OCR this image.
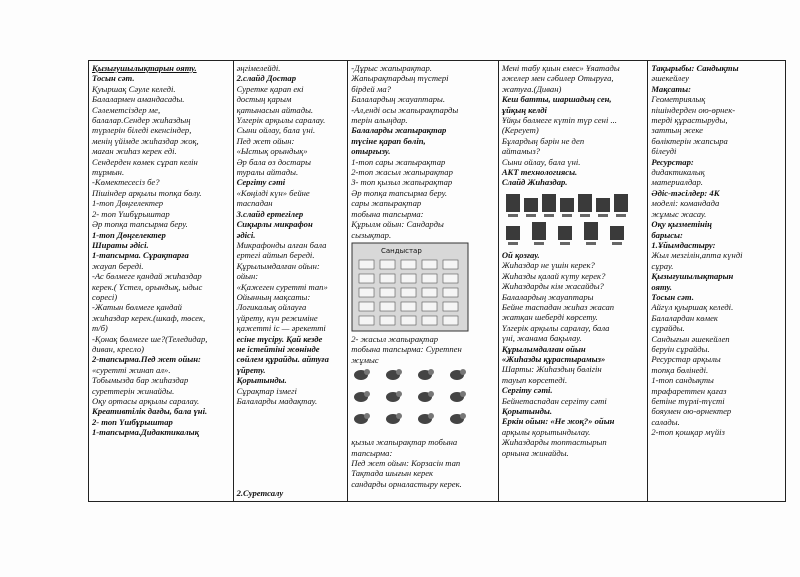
Қызығушылықтарын ояту.
Тосын сәт.
Қуыршақ Сәуле келеді.
Балалармен амандасады.
Сәлеметсіздер ме,
балалар.Сендер жиһаздың
түрлерін біледі екенсіндер,
менің үйімде жиһаздар жоқ,
маған жиһаз керек еді.
Сендерден көмек сұрап келін
тұрмын.
-Көмектесесіз бе?
Пішіндер арқылы топқа бөлу.
1-топ Дөңгелектер
2- топ Үшбұрыштар
Әр топқа тапсырма беру.
1-топ Дөңгелектер
Шираты әдісі.
1-тапсырма. Сұрақтарға
жауап береді.
-Ас бөлмеге қандай жиһаздар
керек.( Үстел, орындық, ыдыс
сөресі)
-Жатын бөлмеге қандай
жиһаздар керек.(шкаф, төсек,
т/б)
-Қонақ бөлмеге ше?(Теледидар,
диван, кресло)
2-тапсырма.Пед жет ойын:
«суретті жинап ал».
Тобымызда бар жиһаздар
суреттерін жинайды.
Оқу ортасы арқылы саралау.
Креативтілік дағды, бала үні.
2- топ Үшбұрыштар
1-тапсырма.Дидактикалық
әңгімелейді.
2.слайд Достар
Суретке қарап екі
достың қарым
қатынасын айтады.
Үлгерік арқылы саралау.
Сыни ойлау, бала үні.
Пед жет ойын:
«Ыстық орындық»
Әр бала өз достары
туралы айтады.
Сергіту сәті
«Көңілді күн» бейне
таспадан
3.слайд ертегілер
Сиқырлы микрафон
әдісі.
Микрафонды алған бала
ертегі айтып береді.
Құрылымдалған ойын:
ойын:
«Қажеген суретті тап»
Ойынның мақсаты:
Логикалық ойлауға
үйрету, күн режиміне
қажетті іс — әрекетті
есіне түсіру. Қай кезде
не істейтіні жөнінде
сөйлем құрайды. айтуға
үйрету.
Қорытынды.
Сұрақтар ізмегі
Балаларды мадақтау.
2.Суретсалу
-Дұрыс жапырақтар.
Жапырақтардың түстері
бірдей ма?
Балалардың жауаптары.
-Ал,енді осы жапырақтарды
терін алыңдар.
Балаларды жапырақтар
түсіне қарап бөліп,
отырғызу.
1-топ сары жапырақтар
2-топ жасыл жапырақтар
3- топ қызыл жапырақтар
Әр топқа тапсырма беру.
сары жапырақтар
тобына тапсырма:
Құрылм ойын: Сандарды
сызықтар.
Сандыстар
2- жасыл жапырақтар
тобына тапсырма: Суретпен
жұмыс
қызыл жапырақтар тобына
тапсырма:
Пед жет ойын: Корзасін тап
Тақтада шығын керек
сандарды орналастыру керек.
Мені табу қиын емес» Ұяатады
әжелер мен сәбилер Отыруға,
жатуға.(Диван)
Кеш батты, шаршадың сен,
ұйқың келді
Ұйқы бөлмеге күтіп түр сені ...
(Кереует)
Бұлардың бәрін не деп
айтамыз?
Сыни ойлау, бала үні.
АКТ технологиясы.
Слайд Жиһаздар.
Ой қозғау.
Жиһаздар не үшін керек?
Жиһазды қалай күту керек?
Жиһаздарды кім жасайды?
Балалардың жауаптары
Бейне таспадан жиһаз жасап
жатқан шеберді көрсету.
Үлгерік арқылы саралау, бала
үні, жанама бақылау.
Құрылымдалған ойын
«Жиһазды құрастырамыз»
Шарты: Жиһаздың бөлігін
тауып көрсетеді.
Сергіту сәті.
Бейнетаспадан сергіту сәті
Қорытынды.
Еркін ойын: «Не жоқ?» ойын
арқылы қорытындылау.
Жиһаздарды топтастырып
орнына жинайды.
Тақырыбы: Сандықты
әшекейлеу
Мақсаты:
Геометриялық
пішіндерден ою-өрнек-
терді құрастыруды,
заттың жеке
бөліктерін жапсыра
білеуді
Ресурстар:
дидактикалық
материалдар.
Әдіс-тәсілдер: 4К
моделі: командада
жұмыс жасау.
Оқу қызметінің
барысы:
1.Ұйымдастыру:
Жыл мезгілін,апта күнді
сұрау.
Қызығушылықтарын
ояту.
Тосын сәт.
Айгүл қуыршақ келеді.
Балалардан көмек
сұрайды.
Сандығын әшекейлеп
беруін сұрайды.
Ресурстар арқылы
топқа бөлінеді.
1-топ сандықты
трафареттен қағаз
бетіне түрлі-түсті
бояумен ою-өрнектер
салады.
2-топ қошқар мүйіз
